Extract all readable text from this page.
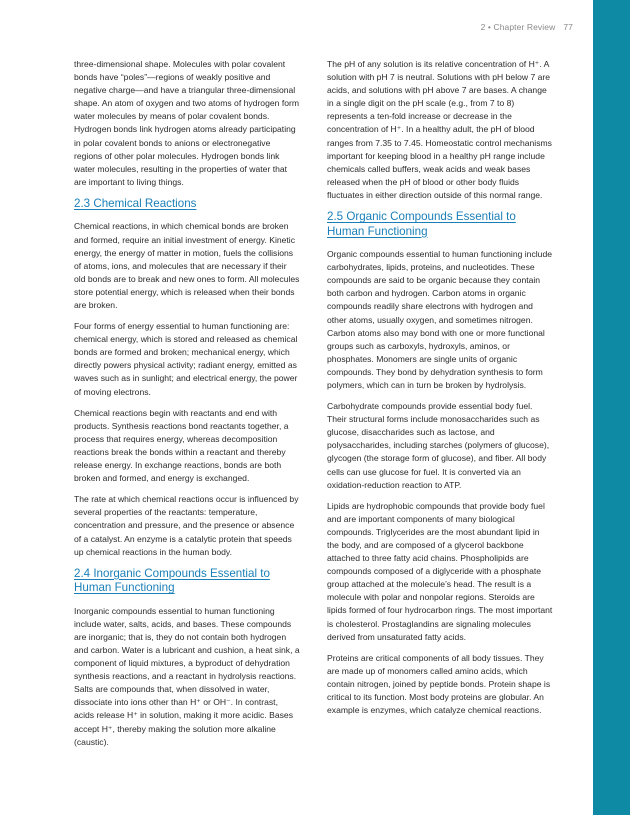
2 • Chapter Review 77

three-dimensional shape. Molecules with polar covalent bonds have “poles”—regions of weakly positive and negative charge—and have a triangular three-dimensional shape. An atom of oxygen and two atoms of hydrogen form water molecules by means of polar covalent bonds. Hydrogen bonds link hydrogen atoms already participating in polar covalent bonds to anions or electronegative regions of other polar molecules. Hydrogen bonds link water molecules, resulting in the properties of water that are important to living things.

2.3 Chemical Reactions

Chemical reactions, in which chemical bonds are broken and formed, require an initial investment of energy. Kinetic energy, the energy of matter in motion, fuels the collisions of atoms, ions, and molecules that are necessary if their old bonds are to break and new ones to form. All molecules store potential energy, which is released when their bonds are broken.

Four forms of energy essential to human functioning are: chemical energy, which is stored and released as chemical bonds are formed and broken; mechanical energy, which directly powers physical activity; radiant energy, emitted as waves such as in sunlight; and electrical energy, the power of moving electrons.

Chemical reactions begin with reactants and end with products. Synthesis reactions bond reactants together, a process that requires energy, whereas decomposition reactions break the bonds within a reactant and thereby release energy. In exchange reactions, bonds are both broken and formed, and energy is exchanged.

The rate at which chemical reactions occur is influenced by several properties of the reactants: temperature, concentration and pressure, and the presence or absence of a catalyst. An enzyme is a catalytic protein that speeds up chemical reactions in the human body.

2.4 Inorganic Compounds Essential to Human Functioning

Inorganic compounds essential to human functioning include water, salts, acids, and bases. These compounds are inorganic; that is, they do not contain both hydrogen and carbon. Water is a lubricant and cushion, a heat sink, a component of liquid mixtures, a byproduct of dehydration synthesis reactions, and a reactant in hydrolysis reactions. Salts are compounds that, when dissolved in water, dissociate into ions other than H⁺ or OH⁻. In contrast, acids release H⁺ in solution, making it more acidic. Bases accept H⁺, thereby making the solution more alkaline (caustic).

The pH of any solution is its relative concentration of H⁺. A solution with pH 7 is neutral. Solutions with pH below 7 are acids, and solutions with pH above 7 are bases. A change in a single digit on the pH scale (e.g., from 7 to 8) represents a ten-fold increase or decrease in the concentration of H⁺. In a healthy adult, the pH of blood ranges from 7.35 to 7.45. Homeostatic control mechanisms important for keeping blood in a healthy pH range include chemicals called buffers, weak acids and weak bases released when the pH of blood or other body fluids fluctuates in either direction outside of this normal range.

2.5 Organic Compounds Essential to Human Functioning

Organic compounds essential to human functioning include carbohydrates, lipids, proteins, and nucleotides. These compounds are said to be organic because they contain both carbon and hydrogen. Carbon atoms in organic compounds readily share electrons with hydrogen and other atoms, usually oxygen, and sometimes nitrogen. Carbon atoms also may bond with one or more functional groups such as carboxyls, hydroxyls, aminos, or phosphates. Monomers are single units of organic compounds. They bond by dehydration synthesis to form polymers, which can in turn be broken by hydrolysis.

Carbohydrate compounds provide essential body fuel. Their structural forms include monosaccharides such as glucose, disaccharides such as lactose, and polysaccharides, including starches (polymers of glucose), glycogen (the storage form of glucose), and fiber. All body cells can use glucose for fuel. It is converted via an oxidation-reduction reaction to ATP.

Lipids are hydrophobic compounds that provide body fuel and are important components of many biological compounds. Triglycerides are the most abundant lipid in the body, and are composed of a glycerol backbone attached to three fatty acid chains. Phospholipids are compounds composed of a diglyceride with a phosphate group attached at the molecule’s head. The result is a molecule with polar and nonpolar regions. Steroids are lipids formed of four hydrocarbon rings. The most important is cholesterol. Prostaglandins are signaling molecules derived from unsaturated fatty acids.

Proteins are critical components of all body tissues. They are made up of monomers called amino acids, which contain nitrogen, joined by peptide bonds. Protein shape is critical to its function. Most body proteins are globular. An example is enzymes, which catalyze chemical reactions.
